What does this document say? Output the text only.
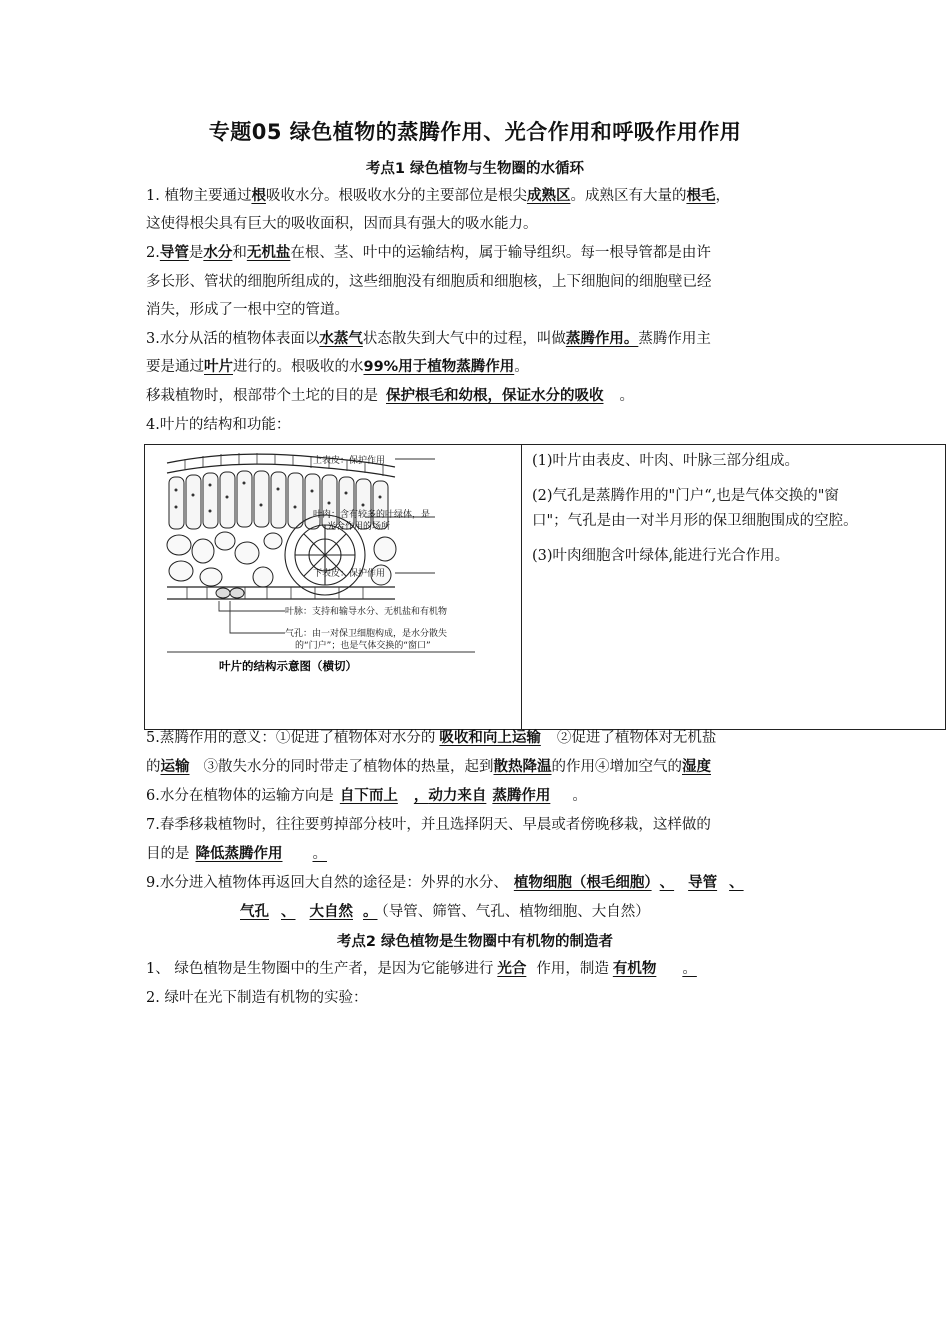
专题05 绿色植物的蒸腾作用、光合作用和呼吸作用作用
考点1 绿色植物与生物圈的水循环
1. 植物主要通过根吸收水分。根吸收水分的主要部位是根尖成熟区。成熟区有大量的根毛，
这使得根尖具有巨大的吸收面积，因而具有强大的吸水能力。
2.导管是水分和无机盐在根、茎、叶中的运输结构，属于输导组织。每一根导管都是由许
多长形、管状的细胞所组成的，这些细胞没有细胞质和细胞核，上下细胞间的细胞壁已经
消失，形成了一根中空的管道。
3.水分从活的植物体表面以水蒸气状态散失到大气中的过程，叫做蒸腾作用。蒸腾作用主
要是通过叶片进行的。根吸收的水99%用于植物蒸腾作用。
移栽植物时，根部带个土坨的目的是 保护根毛和幼根，保证水分的吸收 。
4.叶片的结构和功能：
上表皮：保护作用
叶肉：含有较多的叶绿体，是
光合作用的场所
下表皮：保护作用
叶脉：支持和输导水分、无机盐和有机物
气孔：由一对保卫细胞构成，是水分散失
的“门户”；也是气体交换的“窗口”
叶片的结构示意图（横切）

(1)叶片由表皮、叶肉、叶脉三部分组成。

(2)气孔是蒸腾作用的"门户“,也是气体交换的"窗

口"；气孔是由一对半月形的保卫细胞围成的空腔。

(3)叶肉细胞含叶绿体,能进行光合作用。

5.蒸腾作用的意义：①促进了植物体对水分的 吸收和向上运输 ②促进了植物体对无机盐
的运输 ③散失水分的同时带走了植物体的热量，起到散热降温的作用④增加空气的湿度
6.水分在植物体的运输方向是 自下而上 ，动力来自 蒸腾作用 。
7.春季移栽植物时，往往要剪掉部分枝叶，并且选择阴天、早晨或者傍晚移栽，这样做的
目的是 降低蒸腾作用 。
9.水分进入植物体再返回大自然的途径是：外界的水分、 植物细胞（根毛细胞） 、 导管 、
气孔 、 大自然 。 （导管、筛管、气孔、植物细胞、大自然）
考点2 绿色植物是生物圈中有机物的制造者
1、 绿色植物是生物圈中的生产者，是因为它能够进行 光合 作用，制造 有机物 。
2. 绿叶在光下制造有机物的实验：
